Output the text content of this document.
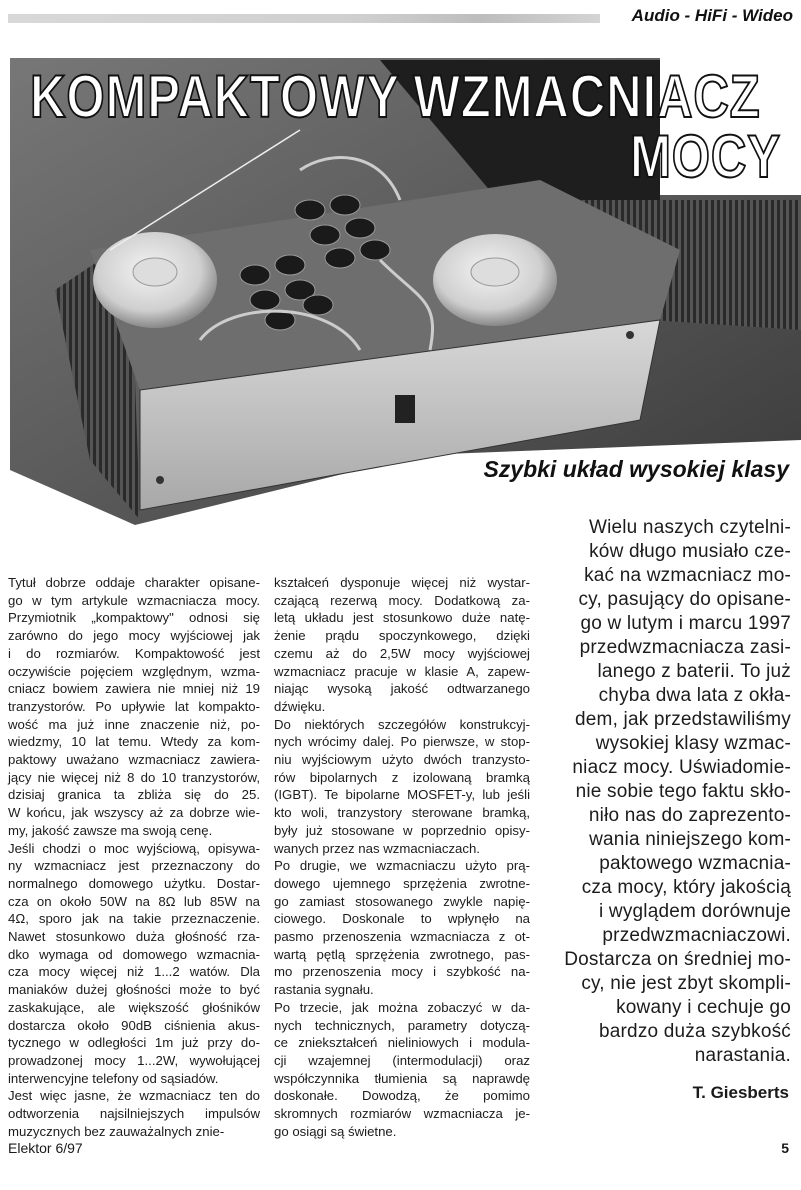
Audio - HiFi - Wideo
KOMPAKTOWY WZMACNIACZ
MOCY
Szybki układ wysokiej klasy
Tytuł dobrze oddaje charakter opisane-
go w tym artykule wzmacniacza mocy.
Przymiotnik „kompaktowy" odnosi się
zarówno do jego mocy wyjściowej jak
i do rozmiarów. Kompaktowość jest
oczywiście pojęciem względnym, wzma-
cniacz bowiem zawiera nie mniej niż 19
tranzystorów. Po upływie lat kompakto-
wość ma już inne znaczenie niż, po-
wiedzmy, 10 lat temu. Wtedy za kom-
paktowy uważano wzmacniacz zawiera-
jący nie więcej niż 8 do 10 tranzystorów,
dzisiaj granica ta zbliża się do 25.
W końcu, jak wszyscy aż za dobrze wie-
my, jakość zawsze ma swoją cenę.
Jeśli chodzi o moc wyjściową, opisywa-
ny wzmacniacz jest przeznaczony do
normalnego domowego użytku. Dostar-
cza on około 50W na 8Ω lub 85W na
4Ω, sporo jak na takie przeznaczenie.
Nawet stosunkowo duża głośność rza-
dko wymaga od domowego wzmacnia-
cza mocy więcej niż 1...2 watów. Dla
maniaków dużej głośności może to być
zaskakujące, ale większość głośników
dostarcza około 90dB ciśnienia akus-
tycznego w odległości 1m już przy do-
prowadzonej mocy 1...2W, wywołującej
interwencyjne telefony od sąsiadów.
Jest więc jasne, że wzmacniacz ten do
odtworzenia najsilniejszych impulsów
muzycznych bez zauważalnych znie-
kształceń dysponuje więcej niż wystar-
czającą rezerwą mocy. Dodatkową za-
letą układu jest stosunkowo duże natę-
żenie prądu spoczynkowego, dzięki
czemu aż do 2,5W mocy wyjściowej
wzmacniacz pracuje w klasie A, zapew-
niając wysoką jakość odtwarzanego
dźwięku.
Do niektórych szczegółów konstrukcyj-
nych wrócimy dalej. Po pierwsze, w stop-
niu wyjściowym użyto dwóch tranzysto-
rów bipolarnych z izolowaną bramką
(IGBT). Te bipolarne MOSFET-y, lub jeśli
kto woli, tranzystory sterowane bramką,
były już stosowane w poprzednio opisy-
wanych przez nas wzmacniaczach.
Po drugie, we wzmacniaczu użyto prą-
dowego ujemnego sprzężenia zwrotne-
go zamiast stosowanego zwykle napię-
ciowego. Doskonale to wpłynęło na
pasmo przenoszenia wzmacniacza z ot-
wartą pętlą sprzężenia zwrotnego, pas-
mo przenoszenia mocy i szybkość na-
rastania sygnału.
Po trzecie, jak można zobaczyć w da-
nych technicznych, parametry dotyczą-
ce zniekształceń nieliniowych i modula-
cji wzajemnej (intermodulacji) oraz
współczynnika tłumienia są naprawdę
doskonałe. Dowodzą, że pomimo
skromnych rozmiarów wzmacniacza je-
go osiągi są świetne.
Wielu naszych czytelni-
ków długo musiało cze-
kać na wzmacniacz mo-
cy, pasujący do opisane-
go w lutym i marcu 1997
przedwzmacniacza zasi-
lanego z baterii. To już
chyba dwa lata z okła-
dem, jak przedstawiliśmy
wysokiej klasy wzmac-
niacz mocy. Uświadomie-
nie sobie tego faktu skło-
niło nas do zaprezento-
wania niniejszego kom-
paktowego wzmacnia-
cza mocy, który jakością
i wyglądem dorównuje
przedwzmacniaczowi.
Dostarcza on średniej mo-
cy, nie jest zbyt skompli-
kowany i cechuje go
bardzo duża szybkość
narastania.
T. Giesberts
Elektor 6/97	5
